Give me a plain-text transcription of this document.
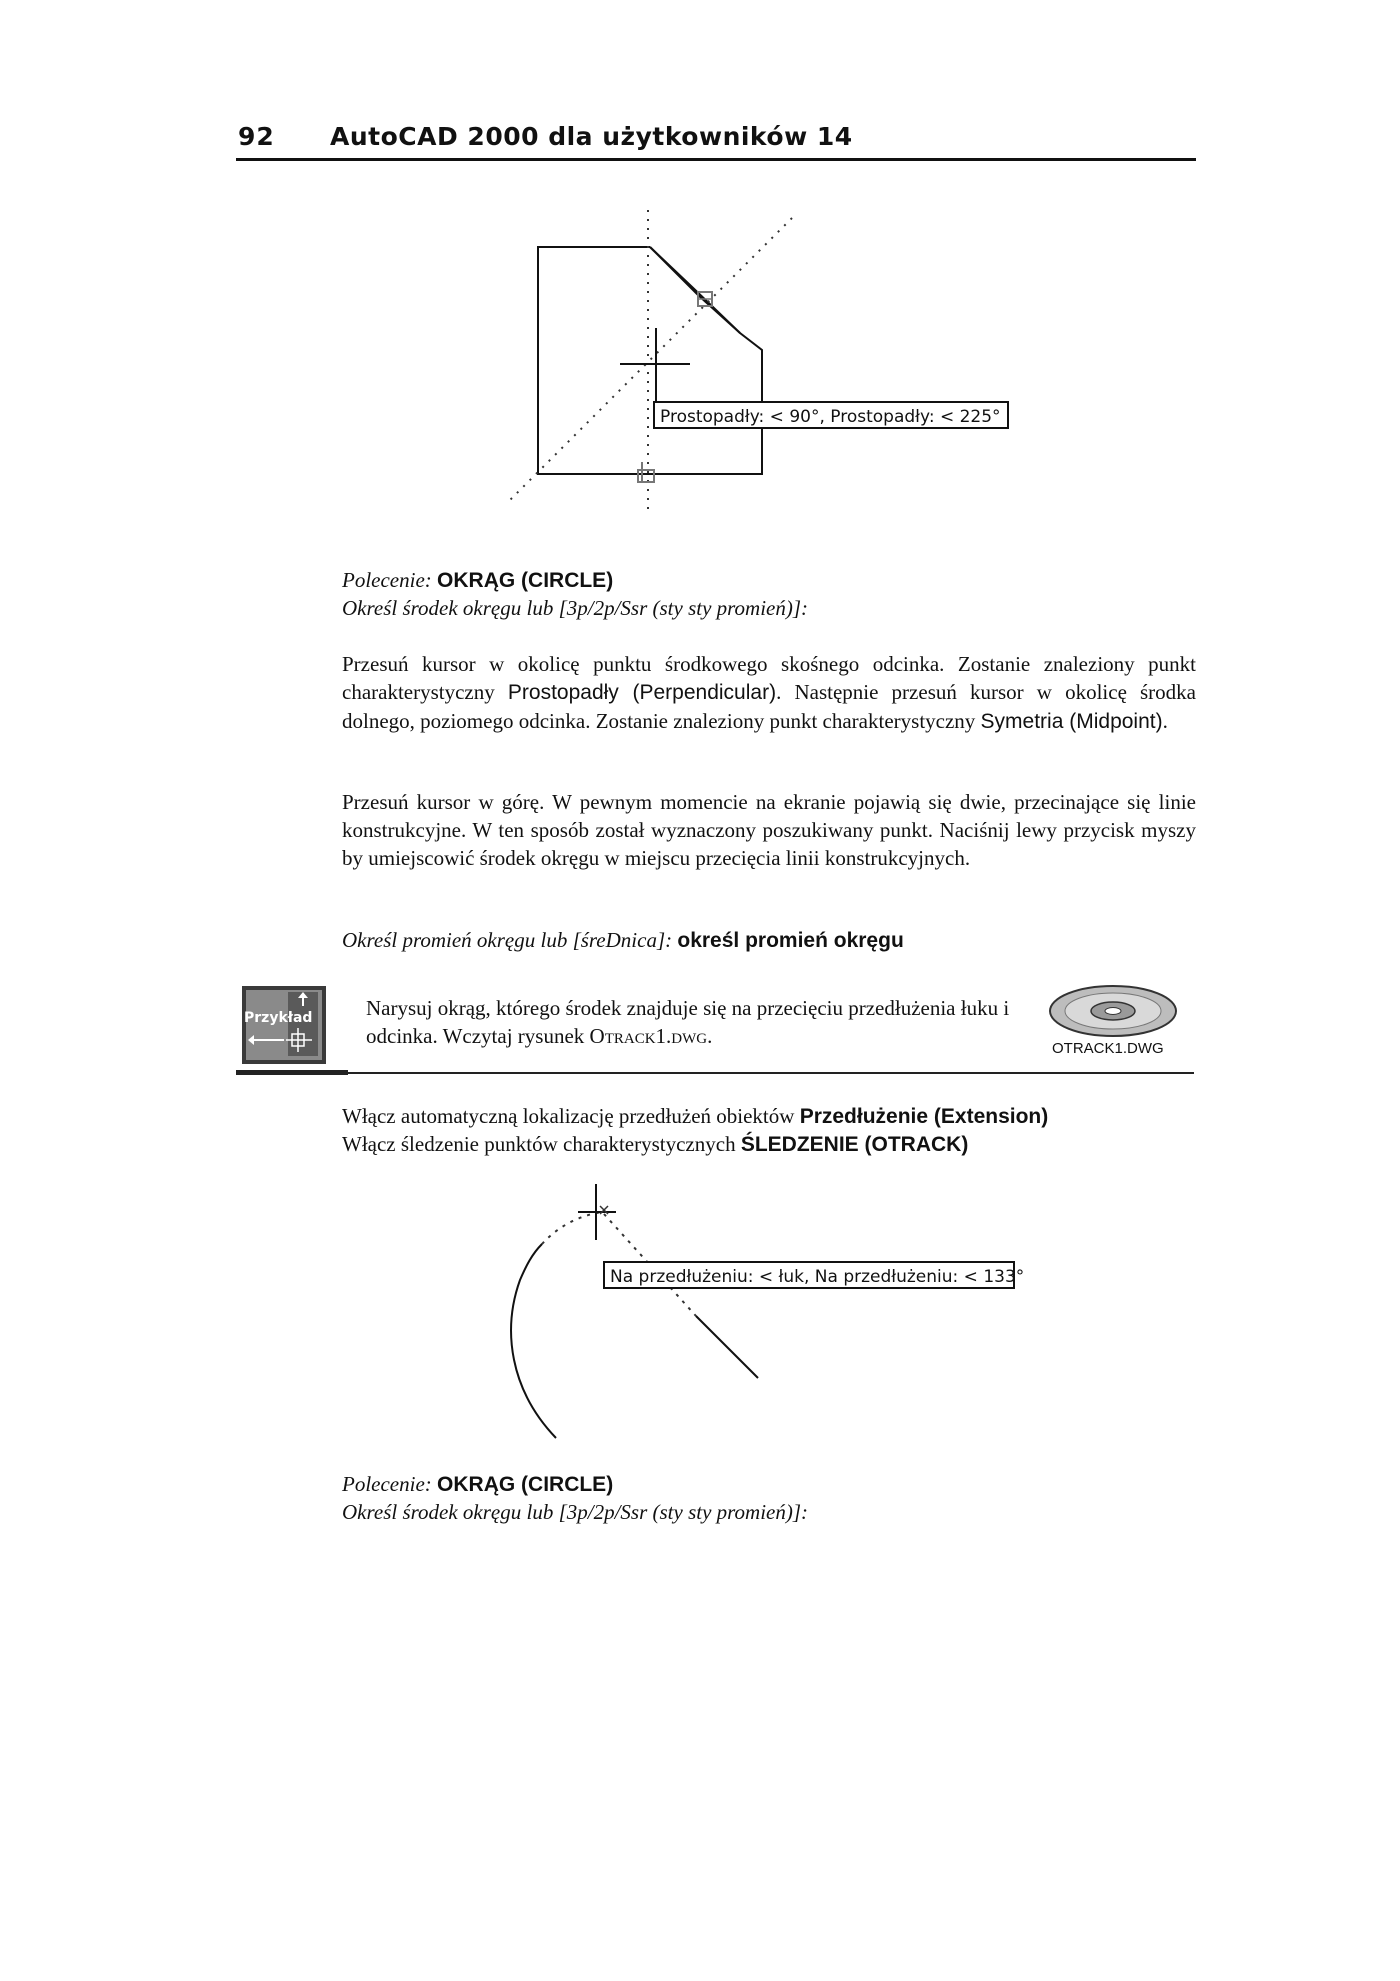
92 AutoCAD 2000 dla użytkowników 14
Prostopadły: < 90°, Prostopadły: < 225°
Polecenie: OKRĄG (CIRCLE)
Określ środek okręgu lub [3p/2p/Ssr (sty sty promień)]:
Przesuń kursor w okolicę punktu środkowego skośnego odcinka. Zostanie znaleziony punkt charakterystyczny Prostopadły (Perpendicular). Następnie przesuń kursor w okolicę środka dolnego, poziomego odcinka. Zostanie znaleziony punkt charakterystyczny Symetria (Midpoint).
Przesuń kursor w górę. W pewnym momencie na ekranie pojawią się dwie, przecinające się linie konstrukcyjne. W ten sposób został wyznaczony poszukiwany punkt. Naciśnij lewy przycisk myszy by umiejscowić środek okręgu w miejscu przecięcia linii konstrukcyjnych.
Określ promień okręgu lub [śreDnica]: określ promień okręgu
Przykład	Narysuj okrąg, którego środek znajduje się na przecięciu przedłużenia łuku i odcinka. Wczytaj rysunek Otrack1.dwg.
OTRACK1.DWG
Włącz automatyczną lokalizację przedłużeń obiektów Przedłużenie (Extension)
Włącz śledzenie punktów charakterystycznych ŚLEDZENIE (OTRACK)
Na przedłużeniu: < łuk, Na przedłużeniu: < 133°
Polecenie: OKRĄG (CIRCLE)
Określ środek okręgu lub [3p/2p/Ssr (sty sty promień)]:
